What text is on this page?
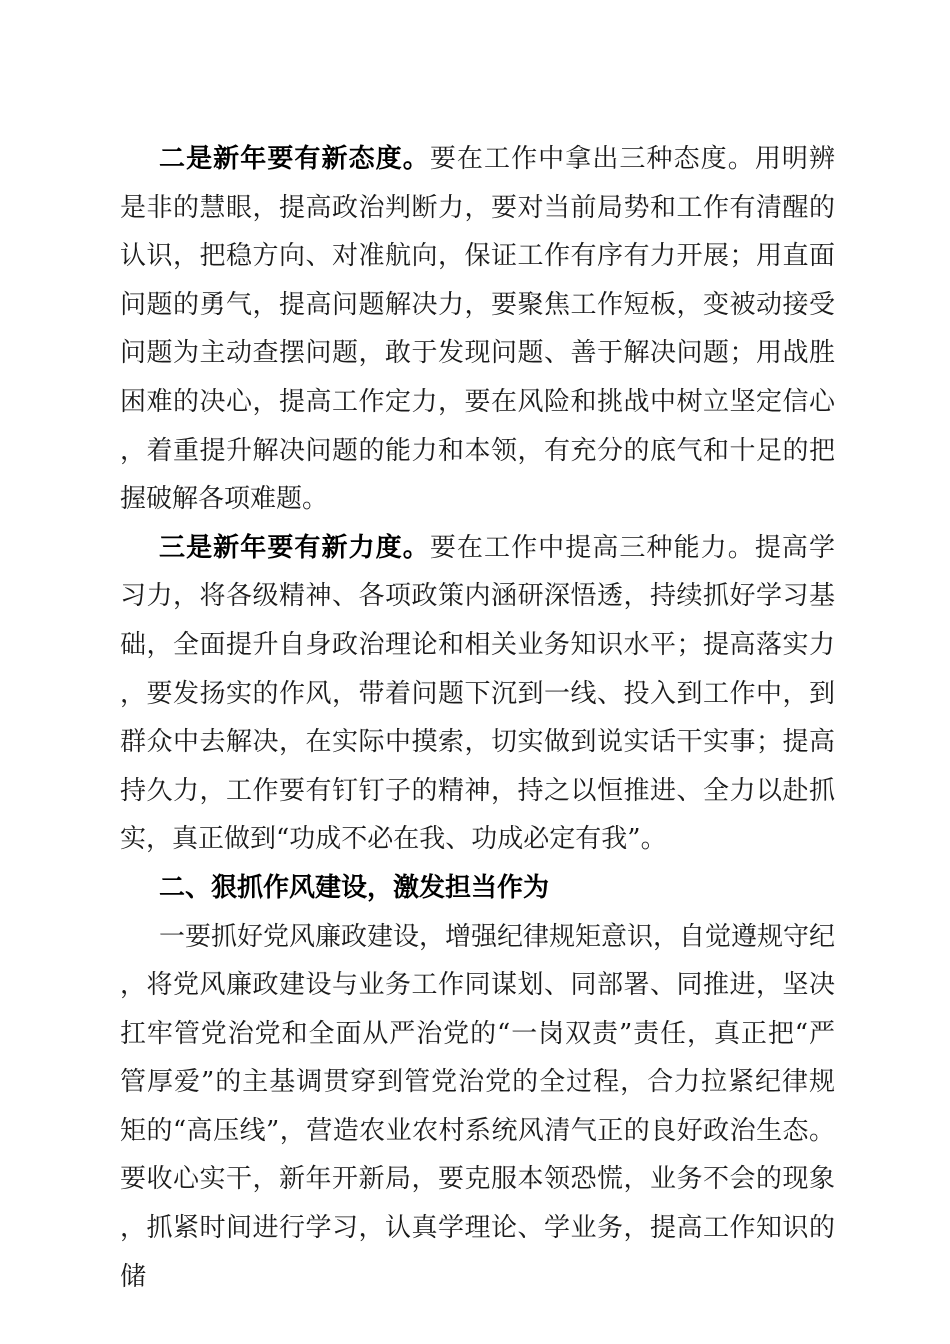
二是新年要有新态度。要在工作中拿出三种态度。用明辨是非的慧眼，提高政治判断力，要对当前局势和工作有清醒的认识，把稳方向、对准航向，保证工作有序有力开展；用直面问题的勇气，提高问题解决力，要聚焦工作短板，变被动接受问题为主动查摆问题，敢于发现问题、善于解决问题；用战胜困难的决心，提高工作定力，要在风险和挑战中树立坚定信心，着重提升解决问题的能力和本领，有充分的底气和十足的把握破解各项难题。

三是新年要有新力度。要在工作中提高三种能力。提高学习力，将各级精神、各项政策内涵研深悟透，持续抓好学习基础，全面提升自身政治理论和相关业务知识水平；提高落实力，要发扬实的作风，带着问题下沉到一线、投入到工作中，到群众中去解决，在实际中摸索，切实做到说实话干实事；提高持久力，工作要有钉钉子的精神，持之以恒推进、全力以赴抓实，真正做到“功成不必在我、功成必定有我”。

二、狠抓作风建设，激发担当作为

一要抓好党风廉政建设，增强纪律规矩意识，自觉遵规守纪，将党风廉政建设与业务工作同谋划、同部署、同推进，坚决扛牢管党治党和全面从严治党的“一岗双责”责任，真正把“严管厚爱”的主基调贯穿到管党治党的全过程，合力拉紧纪律规矩的“高压线”，营造农业农村系统风清气正的良好政治生态。要收心实干，新年开新局，要克服本领恐慌，业务不会的现象，抓紧时间进行学习，认真学理论、学业务，提高工作知识的储
